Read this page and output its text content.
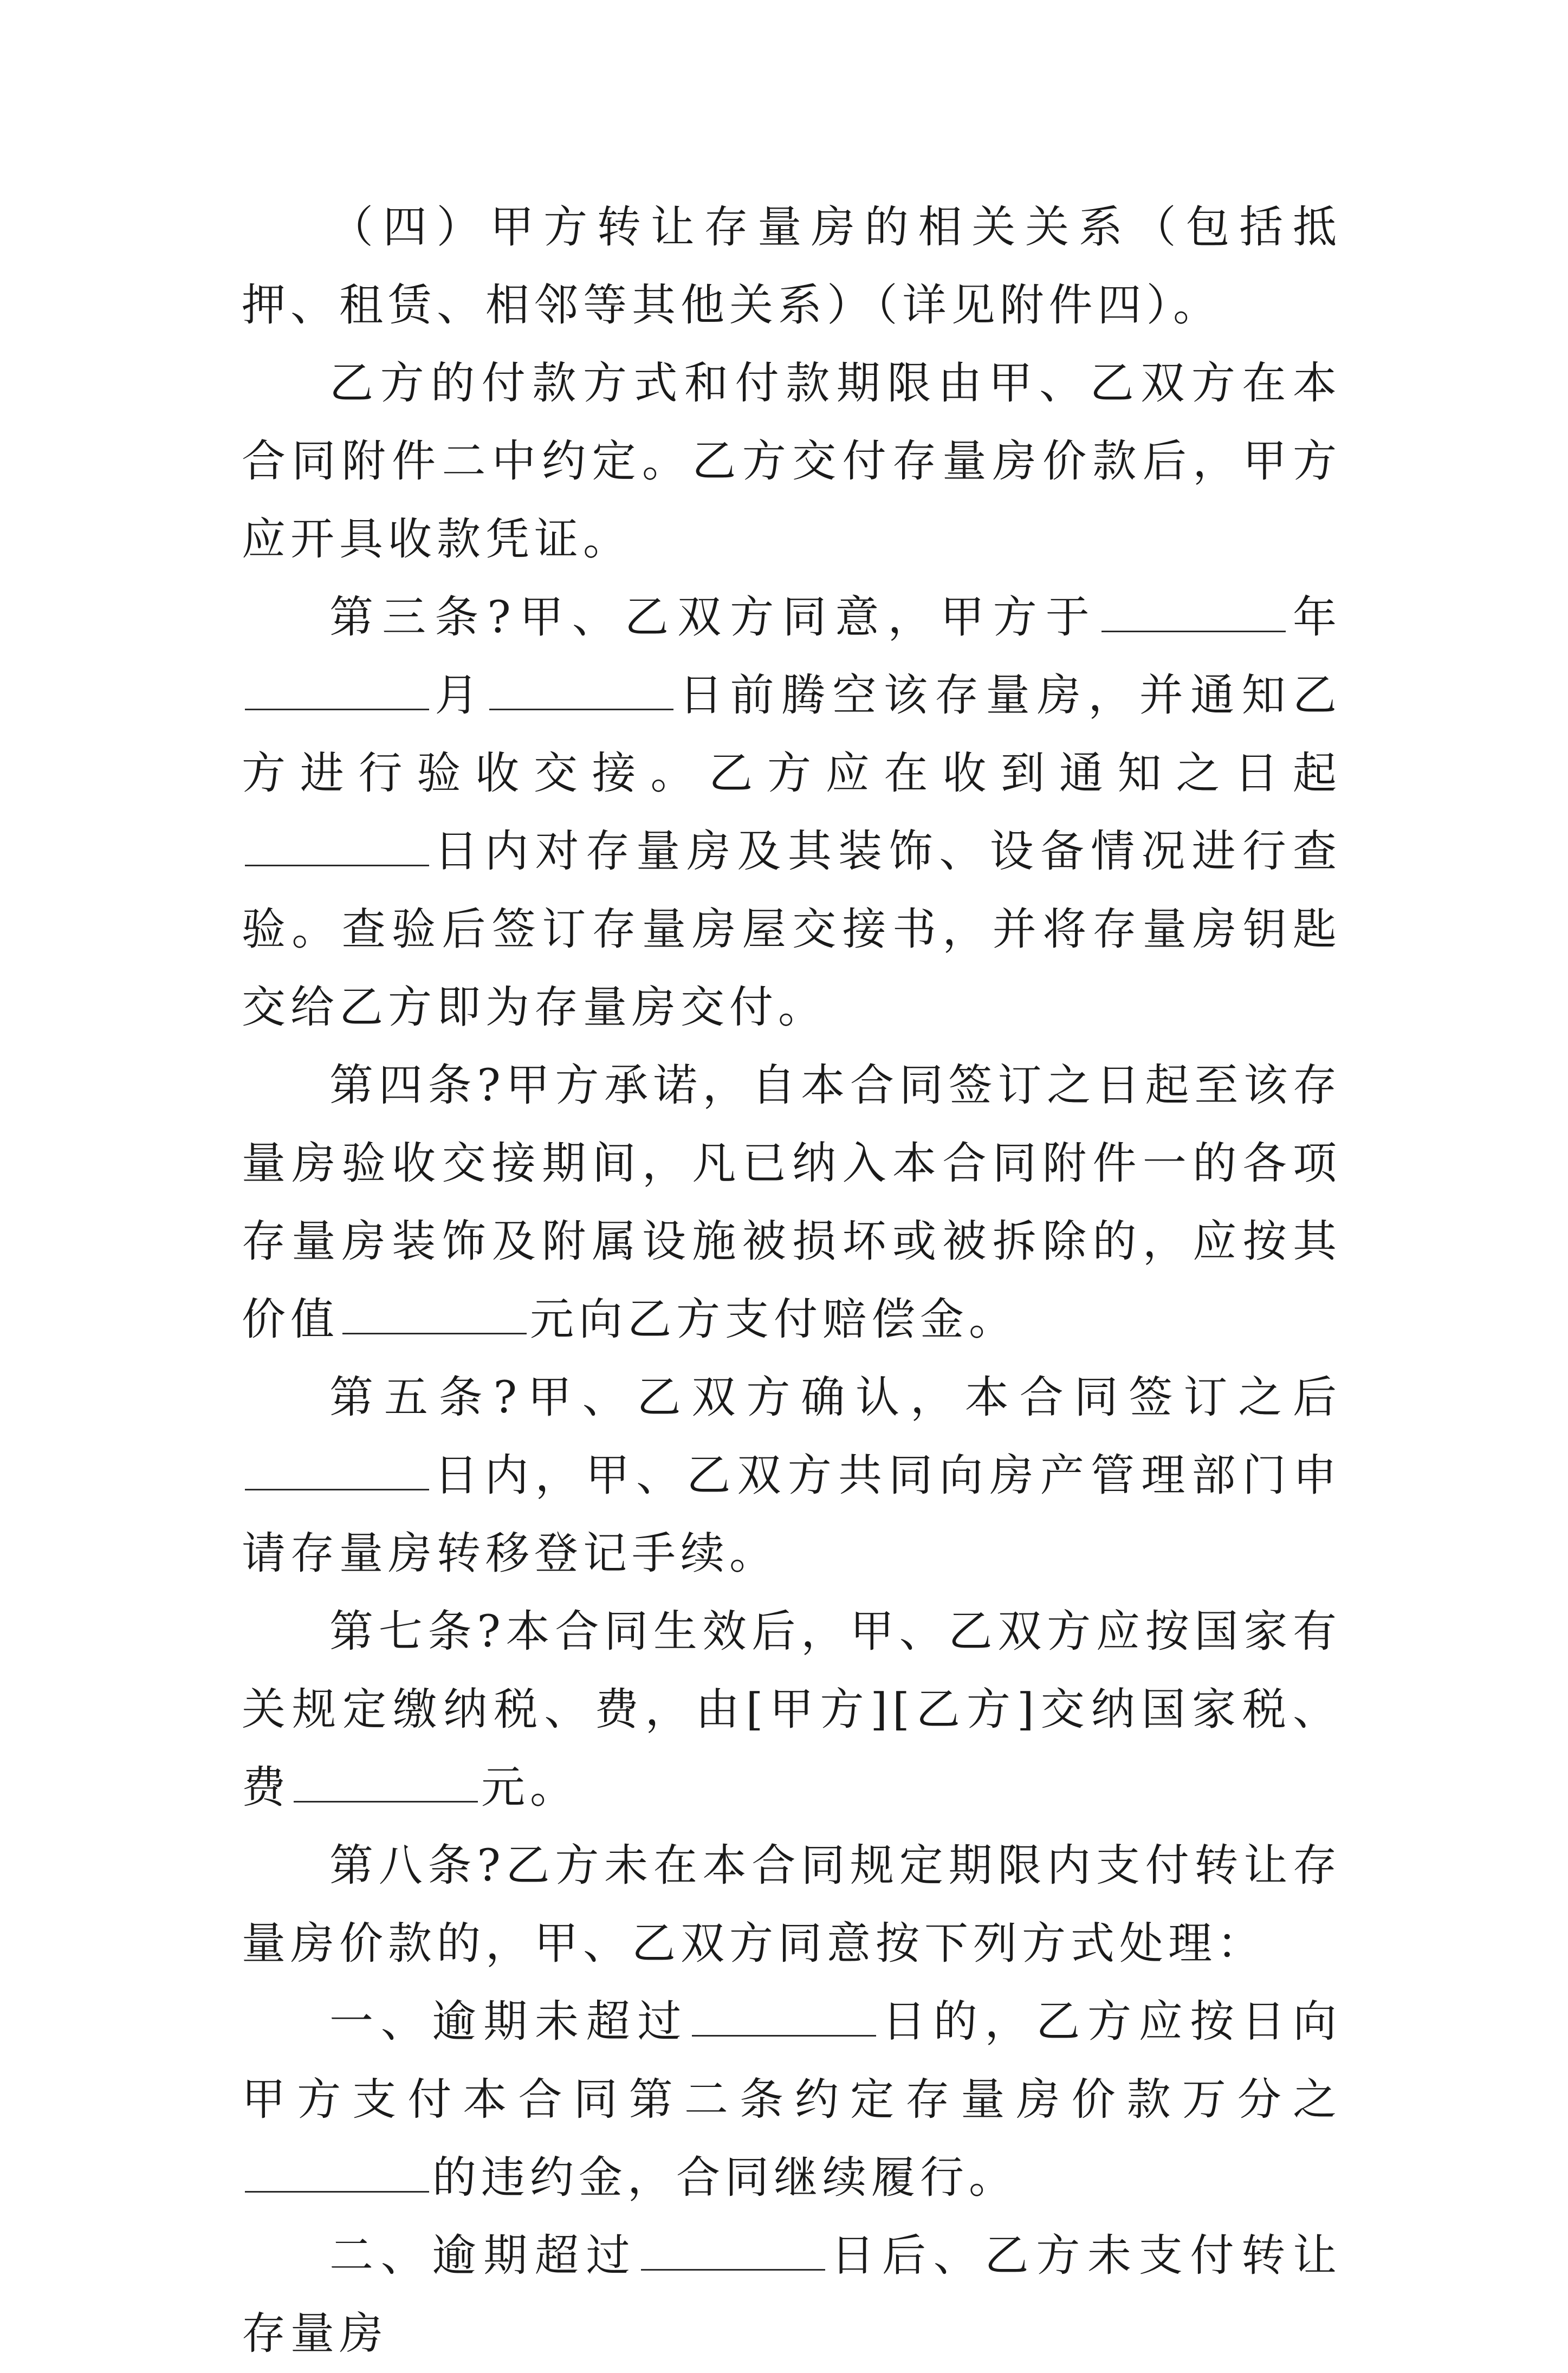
（四）甲方转让存量房的相关关系（包括抵押、租赁、相邻等其他关系）（详见附件四）。

乙方的付款方式和付款期限由甲、乙双方在本合同附件二中约定。乙方交付存量房价款后，甲方应开具收款凭证。

第三条?甲、乙双方同意，甲方于	年月	日前腾空该存量房，并通知乙方进行验收交接。乙方应在收到通知之日起日内对存量房及其装饰、设备情况进行查验。查验后签订存量房屋交接书，并将存量房钥匙交给乙方即为存量房交付。

第四条?甲方承诺，自本合同签订之日起至该存量房验收交接期间，凡已纳入本合同附件一的各项存量房装饰及附属设施被损坏或被拆除的，应按其价值	元向乙方支付赔偿金。

第五条?甲、乙双方确认，本合同签订之后日内，甲、乙双方共同向房产管理部门申请存量房转移登记手续。

第七条?本合同生效后，甲、乙双方应按国家有关规定缴纳税、费，由[甲方][乙方]交纳国家税、费	元。

第八条?乙方未在本合同规定期限内支付转让存量房价款的，甲、乙双方同意按下列方式处理：

一、逾期未超过	日的，乙方应按日向甲方支付本合同第二条约定存量房价款万分之的违约金，合同继续履行。

二、逾期超过	日后、乙方未支付转让存量房
